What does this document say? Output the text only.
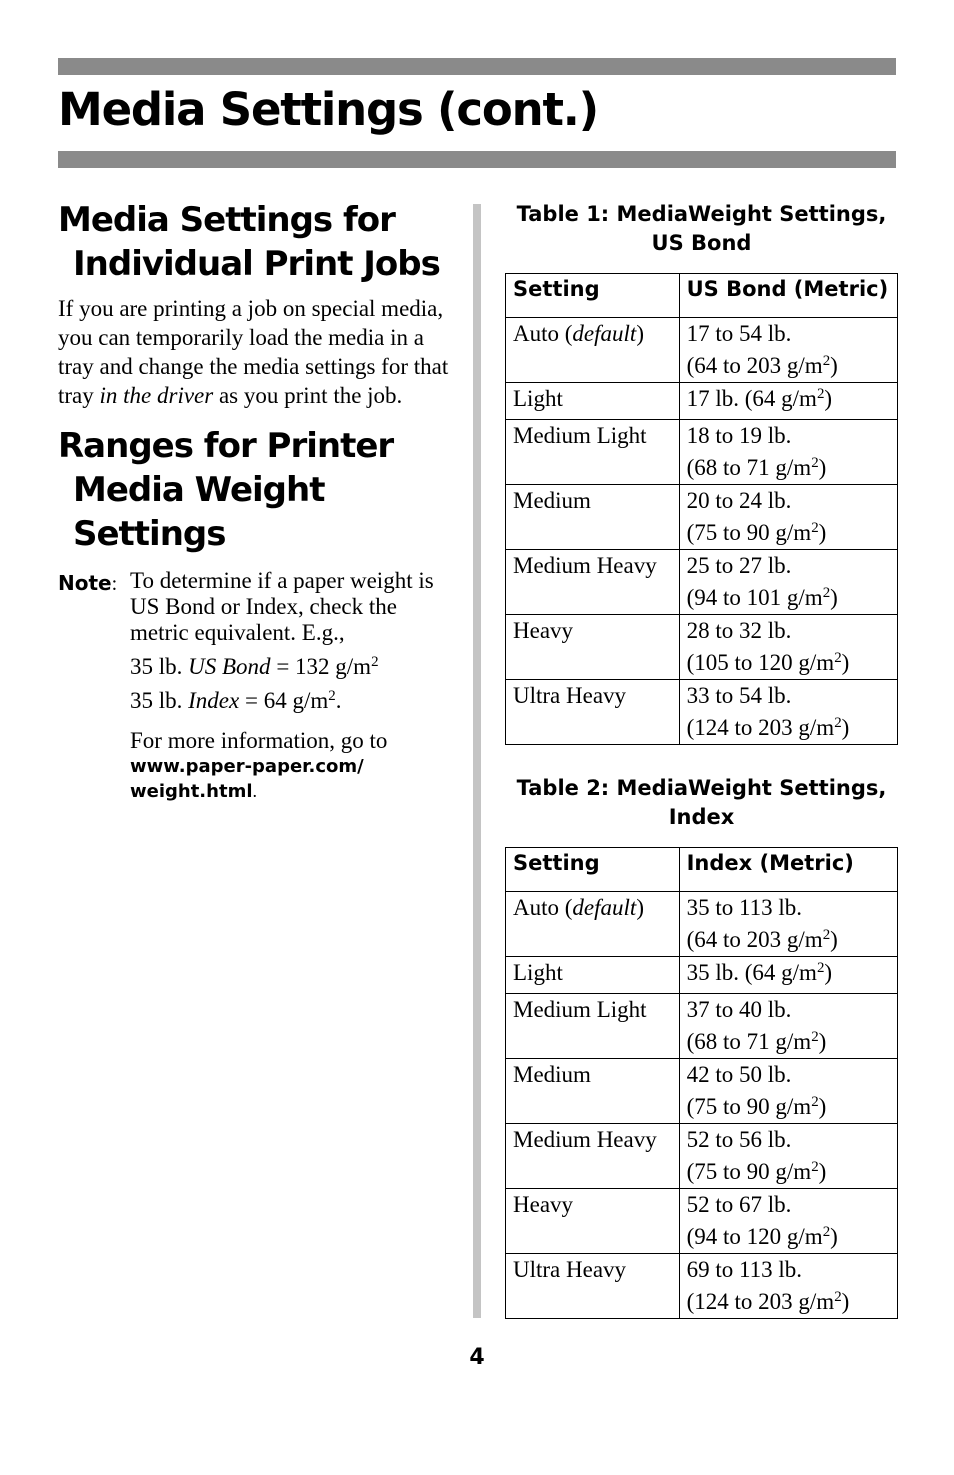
Media Settings (cont.)
Media Settings for
Individual Print Jobs

If you are printing a job on special media, you can temporarily load the media in a tray and change the media settings for that tray in the driver as you print the job.

Ranges for Printer
Media Weight Settings
Note: To determine if a paper weight is US Bond or Index, check the metric equivalent. E.g.,

35 lb. US Bond = 132 $g/m^2$

35 lb. Index = 64 $g/m^2$.

For more information, go to

www.paper-paper.com/
weight.html.

Table 1: MediaWeight Settings,
US Bond
Setting	US Bond (Metric)
Auto (default)	17 to 54 lb.
(64 to 203 $g/m^2$ )
Light	17 lb. (64 $g/m^2$ )
Medium Light	18 to 19 lb.
(68 to 71 $g/m^2$ )
Medium	20 to 24 lb.
(75 to 90 $g/m^2$ )
Medium Heavy	25 to 27 lb.
(94 to 101 $g/m^2$ )
Heavy	28 to 32 lb.
(105 to 120 $g/m^2$ )
Ultra Heavy	33 to 54 lb.
(124 to 203 $g/m^2$ )
Table 2: MediaWeight Settings,
Index
Setting	Index (Metric)
Auto (default)	35 to 113 lb.
(64 to 203 $g/m^2$ )
Light	35 lb. (64 $g/m^2$ )
Medium Light	37 to 40 lb.
(68 to 71 $g/m^2$ )
Medium	42 to 50 lb.
(75 to 90 $g/m^2$ )
Medium Heavy	52 to 56 lb.
(75 to 90 $g/m^2$ )
Heavy	52 to 67 lb.
(94 to 120 $g/m^2$ )
Ultra Heavy	69 to 113 lb.
(124 to 203 $g/m^2$ )
4
